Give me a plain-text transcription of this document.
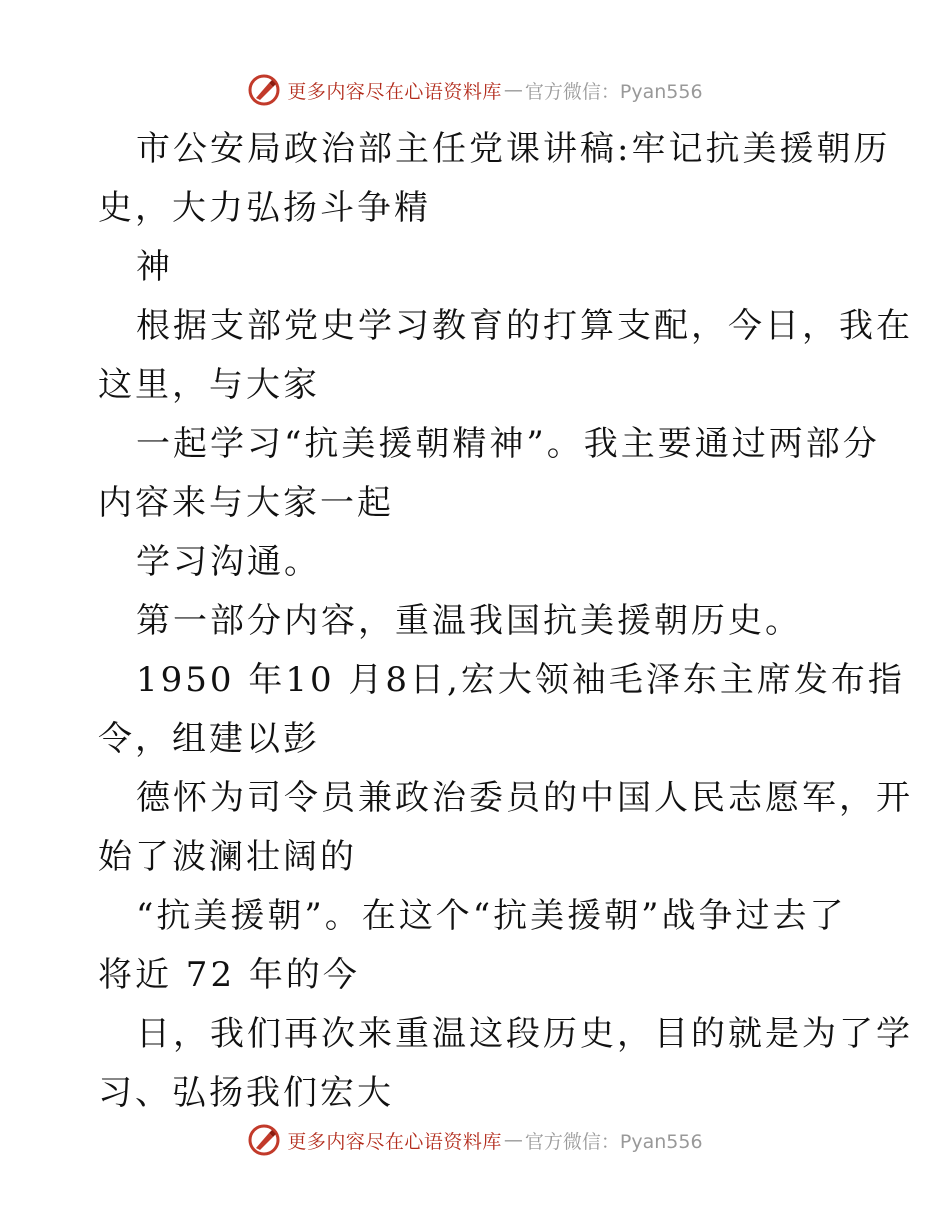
更多内容尽在心语资料库 — 官方微信：Pyan556
市公安局政治部主任党课讲稿:牢记抗美援朝历
史，大力弘扬斗争精
神
根据支部党史学习教育的打算支配，今日，我在
这里，与大家
一起学习“抗美援朝精神”。我主要通过两部分
内容来与大家一起
学习沟通。
第一部分内容，重温我国抗美援朝历史。
1950 年10 月8日,宏大领袖毛泽东主席发布指
令，组建以彭
德怀为司令员兼政治委员的中国人民志愿军，开
始了波澜壮阔的
“抗美援朝”。在这个“抗美援朝”战争过去了
将近 72 年的今
日，我们再次来重温这段历史，目的就是为了学
习、弘扬我们宏大
更多内容尽在心语资料库 — 官方微信：Pyan556
